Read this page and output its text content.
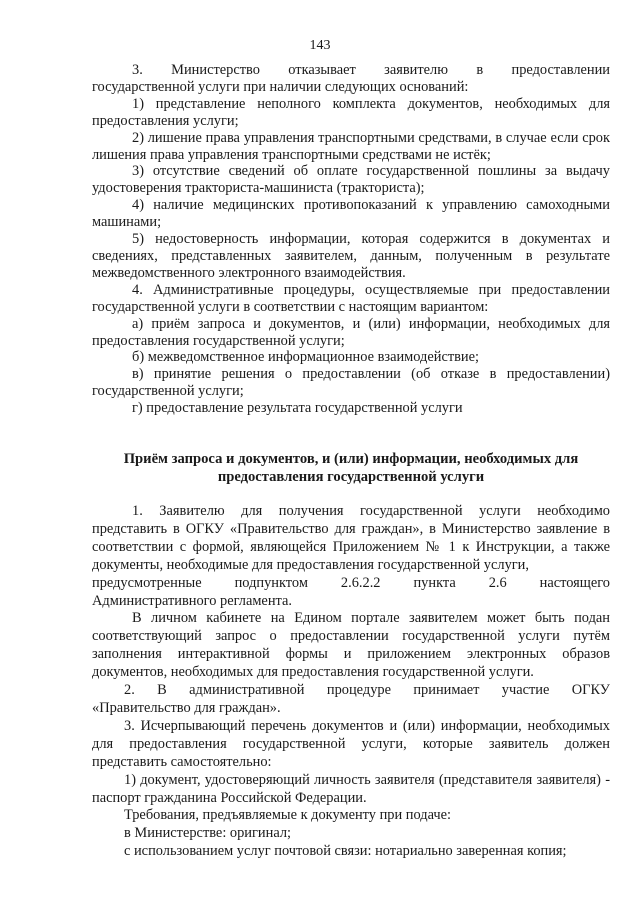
143

3. Министерство отказывает заявителю в предоставлении

государственной услуги при наличии следующих оснований:

1) представление неполного комплекта документов, необходимых для предоставления услуги;

2) лишение права управления транспортными средствами, в случае если срок лишения права управления транспортными средствами не истёк;

3) отсутствие сведений об оплате государственной пошлины за выдачу удостоверения тракториста-машиниста (тракториста);

4) наличие медицинских противопоказаний к управлению самоходными машинами;

5) недостоверность информации, которая содержится в документах и сведениях, представленных заявителем, данным, полученным в результате межведомственного электронного взаимодействия.

4. Административные процедуры, осуществляемые при предоставлении государственной услуги в соответствии с настоящим вариантом:

а) приём запроса и документов, и (или) информации, необходимых для предоставления государственной услуги;

б) межведомственное информационное взаимодействие;

в) принятие решения о предоставлении (об отказе в предоставлении) государственной услуги;

г) предоставление результата государственной услуги

Приём запроса и документов, и (или) информации, необходимых для
предоставления государственной услуги

1. Заявителю для получения государственной услуги необходимо представить в ОГКУ «Правительство для граждан», в Министерство заявление в соответствии с формой, являющейся Приложением № 1 к Инструкции, а также документы, необходимые для предоставления государственной услуги,

предусмотренные подпунктом 2.6.2.2 пункта 2.6 настоящего

Административного регламента.

В личном кабинете на Едином портале заявителем может быть подан соответствующий запрос о предоставлении государственной услуги путём заполнения интерактивной формы и приложением электронных образов документов, необходимых для предоставления государственной услуги.

2. В административной процедуре принимает участие ОГКУ

«Правительство для граждан».

3. Исчерпывающий перечень документов и (или) информации, необходимых для предоставления государственной услуги, которые заявитель должен представить самостоятельно:

1) документ, удостоверяющий личность заявителя (представителя заявителя) - паспорт гражданина Российской Федерации.

Требования, предъявляемые к документу при подаче:

в Министерстве: оригинал;

с использованием услуг почтовой связи: нотариально заверенная копия;
